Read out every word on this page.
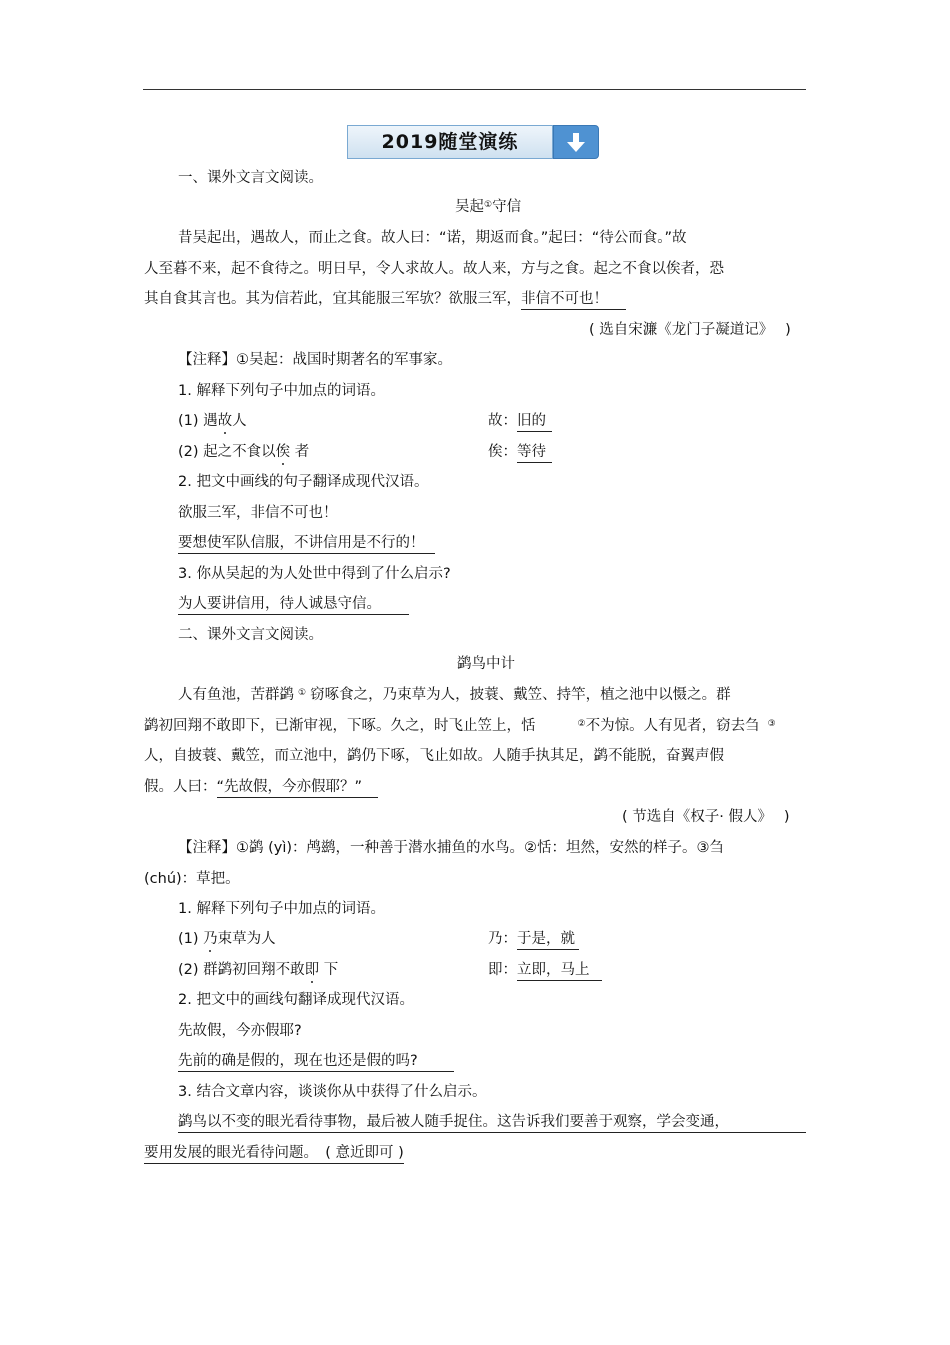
2019随堂演练
一、课外文言文阅读。
吴起①守信
昔吴起出，遇故人，而止之食。故人曰：“诺，期返而食。”起曰：“待公而食。”故
人至暮不来，起不食待之。明日早，令人求故人。故人来，方与之食。起之不食以俟者，恐
其自食其言也。其为信若此，宜其能服三军欤？欲服三军，非信不可也！
( 选自宋濂《龙门子凝道记》　 )
【注释】①吴起：战国时期著名的军事家。
1. 解释下列句子中加点的词语。
(1) 遇故人	故：旧的
(2) 起之不食以俟 者	俟：等待
2. 把文中画线的句子翻译成现代汉语。
欲服三军，非信不可也！
要想使军队信服，不讲信用是不行的！
3. 你从吴起的为人处世中得到了什么启示?
为人要讲信用，待人诚恳守信。
二、课外文言文阅读。
鹢鸟中计
人有鱼池，苦群鹢 ① 窃啄食之，乃束草为人，披蓑、戴笠、持竿，植之池中以慑之。群
鹢初回翔不敢即下，已渐审视，下啄。久之，时飞止笠上，恬	②不为惊。人有见者，窃去刍 ③
人，自披蓑、戴笠，而立池中，鹢仍下啄，飞止如故。人随手执其足，鹢不能脱，奋翼声假
假。人曰：“先故假，今亦假耶？”
( 节选自《权子· 假人》　 )
【注释】①鹢 (yì)：鸬鹚，一种善于潜水捕鱼的水鸟。②恬：坦然，安然的样子。③刍
(chú)：草把。
1. 解释下列句子中加点的词语。
(1) 乃束草为人	乃：于是，就
(2) 群鹢初回翔不敢即 下	即：立即，马上
2. 把文中的画线句翻译成现代汉语。
先故假，今亦假耶?
先前的确是假的，现在也还是假的吗?
3. 结合文章内容，谈谈你从中获得了什么启示。
鹢鸟以不变的眼光看待事物，最后被人随手捉住。这告诉我们要善于观察，学会变通，
要用发展的眼光看待问题。　( 意近即可 )
